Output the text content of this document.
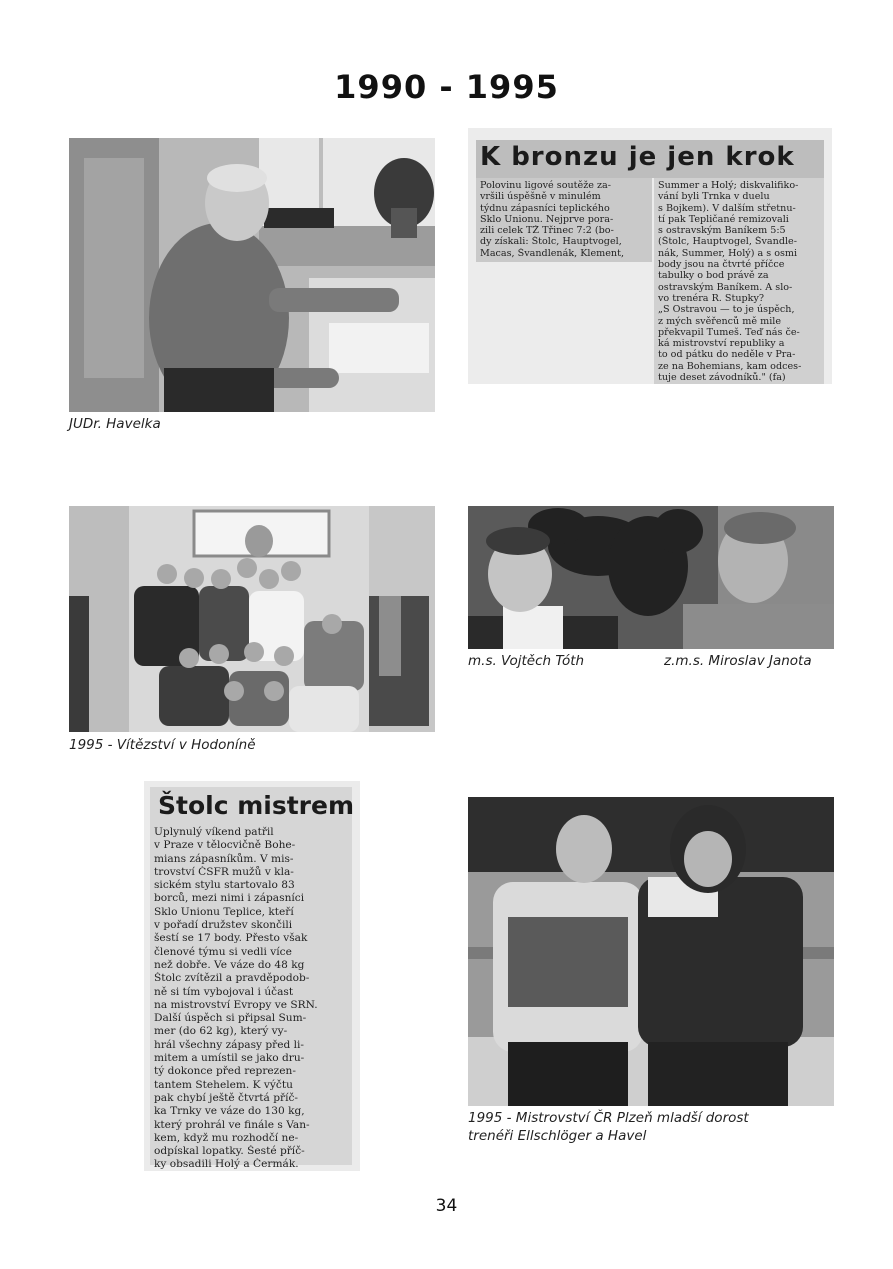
1990 - 1995
JUDr. Havelka
K bronzu je jen krok
Polovinu ligové soutěže za-
vršili úspěšně v minulém
týdnu zápasníci teplického
Sklo Unionu. Nejprve pora-
zili celek TŽ Třinec 7:2 (bo-
dy získali: Štolc, Hauptvogel,
Macas, Švandlenák, Klement,
Summer a Holý; diskvalifiko-
vání byli Trnka v duelu
s Bojkem). V dalším střetnu-
tí pak Tepličané remizovali
s ostravským Baníkem 5:5
(Štolc, Hauptvogel, Švandle-
nák, Summer, Holý) a s osmi
body jsou na čtvrté příčce
tabulky o bod právě za
ostravským Baníkem. A slo-
vo trenéra R. Stupky?
„S Ostravou — to je úspěch,
z mých svěřenců mě mile
překvapil Tumeš. Teď nás če-
ká mistrovství republiky a
to od pátku do neděle v Pra-
ze na Bohemians, kam odces-
tuje deset závodníků." (fa)
1995 - Vítězství v Hodoníně
m.s. Vojtěch Tóth	z.m.s. Miroslav Janota
Štolc mistrem
Uplynulý víkend patřil
v Praze v tělocvičně Bohe-
mians zápasníkům. V mis-
trovství ČSFR mužů v kla-
sickém stylu startovalo 83
borců, mezi nimi i zápasníci
Sklo Unionu Teplice, kteří
v pořadí družstev skončili
šestí se 17 body. Přesto však
členové týmu si vedli více
než dobře. Ve váze do 48 kg
Štolc zvítězil a pravděpodob-
ně si tím vybojoval i účast
na mistrovství Evropy ve SRN.
Další úspěch si připsal Sum-
mer (do 62 kg), který vy-
hrál všechny zápasy před li-
mitem a umístil se jako dru-
tý dokonce před reprezen-
tantem Stehelem. K výčtu
pak chybí ještě čtvrtá příč-
ka Trnky ve váze do 130 kg,
který prohrál ve finále s Van-
kem, když mu rozhodčí ne-
odpískal lopatky. Šesté příč-
ky obsadili Holý a Čermák.
1995 - Mistrovství ČR Plzeň mladší dorost
trenéři Ellschlöger a Havel
34
